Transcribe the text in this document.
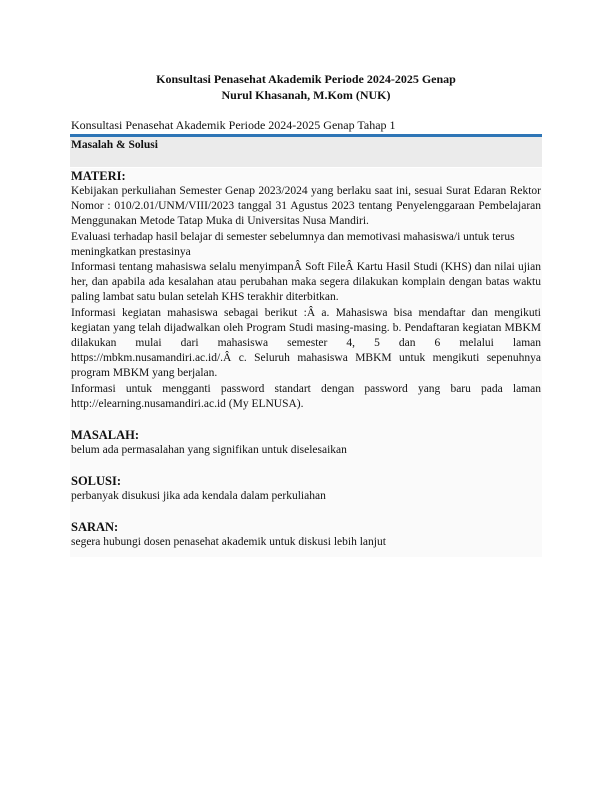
Konsultasi Penasehat Akademik Periode 2024-2025 Genap
Nurul Khasanah, M.Kom (NUK)
Konsultasi Penasehat Akademik Periode 2024-2025 Genap Tahap 1
Masalah & Solusi
MATERI:

Kebijakan perkuliahan Semester Genap 2023/2024 yang berlaku saat ini, sesuai Surat Edaran Rektor Nomor : 010/2.01/UNM/VIII/2023 tanggal 31 Agustus 2023 tentang Penyelenggaraan Pembelajaran Menggunakan Metode Tatap Muka di Universitas Nusa Mandiri.

Evaluasi terhadap hasil belajar di semester sebelumnya dan memotivasi mahasiswa/i untuk terus meningkatkan prestasinya

Informasi tentang mahasiswa selalu menyimpanÂ Soft FileÂ Kartu Hasil Studi (KHS) dan nilai ujian her, dan apabila ada kesalahan atau perubahan maka segera dilakukan komplain dengan batas waktu paling lambat satu bulan setelah KHS terakhir diterbitkan.

Informasi kegiatan mahasiswa sebagai berikut :Â a. Mahasiswa bisa mendaftar dan mengikuti kegiatan yang telah dijadwalkan oleh Program Studi masing-masing. b. Pendaftaran kegiatan MBKM dilakukan mulai dari mahasiswa semester 4, 5 dan 6 melalui laman https://mbkm.nusamandiri.ac.id/.Â c. Seluruh mahasiswa MBKM untuk mengikuti sepenuhnya program MBKM yang berjalan.

Informasi untuk mengganti password standart dengan password yang baru pada laman http://elearning.nusamandiri.ac.id (My ELNUSA).

MASALAH:

belum ada permasalahan yang signifikan untuk diselesaikan

SOLUSI:

perbanyak disukusi jika ada kendala dalam perkuliahan

SARAN:

segera hubungi dosen penasehat akademik untuk diskusi lebih lanjut
